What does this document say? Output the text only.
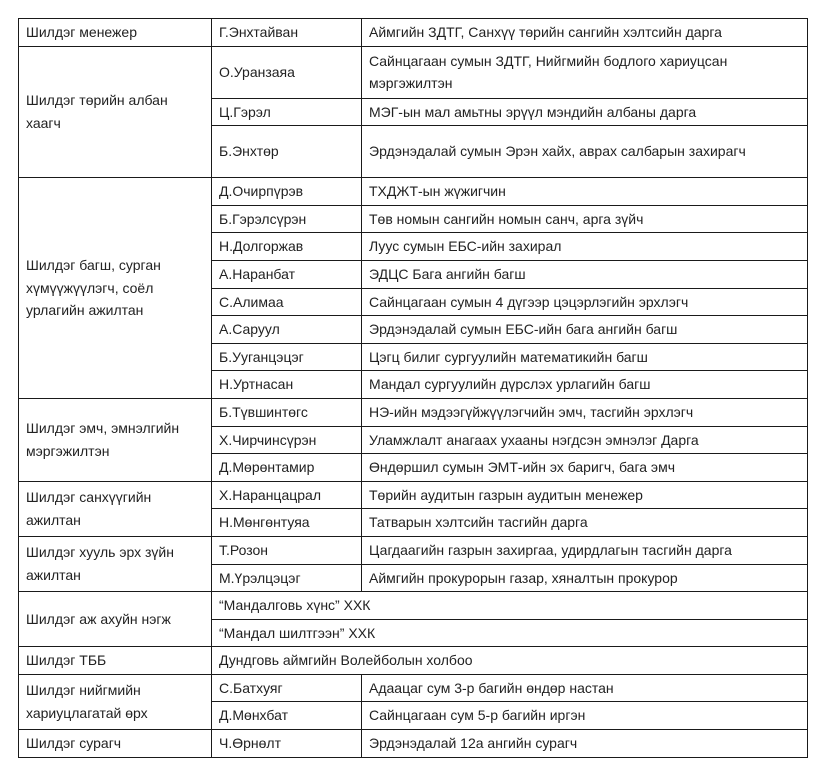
Шилдэг менежер	Г.Энхтайван	Аймгийн ЗДТГ, Санхүү төрийн сангийн хэлтсийн дарга
Шилдэг төрийн албан хаагч	О.Уранзаяа	Сайнцагаан сумын ЗДТГ, Нийгмийн бодлого хариуцсан мэргэжилтэн
	Ц.Гэрэл	МЭГ-ын мал амьтны эрүүл мэндийн албаны дарга
	Б.Энхтөр	Эрдэнэдалай сумын Эрэн хайх, аврах салбарын захирагч
Шилдэг багш, сурган хүмүүжүүлэгч, соёл урлагийн ажилтан	Д.Очирпүрэв	ТХДЖТ-ын жүжигчин
	Б.Гэрэлсүрэн	Төв номын сангийн номын санч, арга зүйч
	Н.Долгоржав	Луус сумын ЕБС-ийн захирал
	А.Наранбат	ЭДЦС Бага ангийн багш
	С.Алимаа	Сайнцагаан сумын 4 дүгээр цэцэрлэгийн эрхлэгч
	А.Саруул	Эрдэнэдалай сумын ЕБС-ийн бага ангийн багш
	Б.Ууганцэцэг	Цэгц билиг сургуулийн математикийн багш
	Н.Уртнасан	Мандал сургуулийн дүрслэх урлагийн багш
Шилдэг эмч, эмнэлгийн мэргэжилтэн	Б.Түвшинтөгс	НЭ-ийн мэдээгүйжүүлэгчийн эмч, тасгийн эрхлэгч
	Х.Чирчинсүрэн	Уламжлалт анагаах ухааны нэгдсэн эмнэлэг Дарга
	Д.Мөрөнтамир	Өндөршил сумын ЭМТ-ийн эх баригч, бага эмч
Шилдэг санхүүгийн ажилтан	Х.Наранцацрал	Төрийн аудитын газрын аудитын менежер
	Н.Мөнгөнтуяа	Татварын хэлтсийн тасгийн дарга
Шилдэг хууль эрх зүйн ажилтан	Т.Розон	Цагдаагийн газрын захиргаа, удирдлагын тасгийн дарга
	М.Үрэлцэцэг	Аймгийн прокурорын газар, хяналтын прокурор
Шилдэг аж ахуйн нэгж	“Мандалговь хүнс” ХХК	
	“Мандал шилтгээн” ХХК	
Шилдэг ТББ	Дундговь аймгийн Волейболын холбоо	
Шилдэг нийгмийн хариуцлагатай өрх	С.Батхуяг	Адаацаг сум 3-р багийн өндөр настан
	Д.Мөнхбат	Сайнцагаан сум 5-р багийн иргэн
Шилдэг сурагч	Ч.Өрнөлт	Эрдэнэдалай 12а ангийн сурагч
